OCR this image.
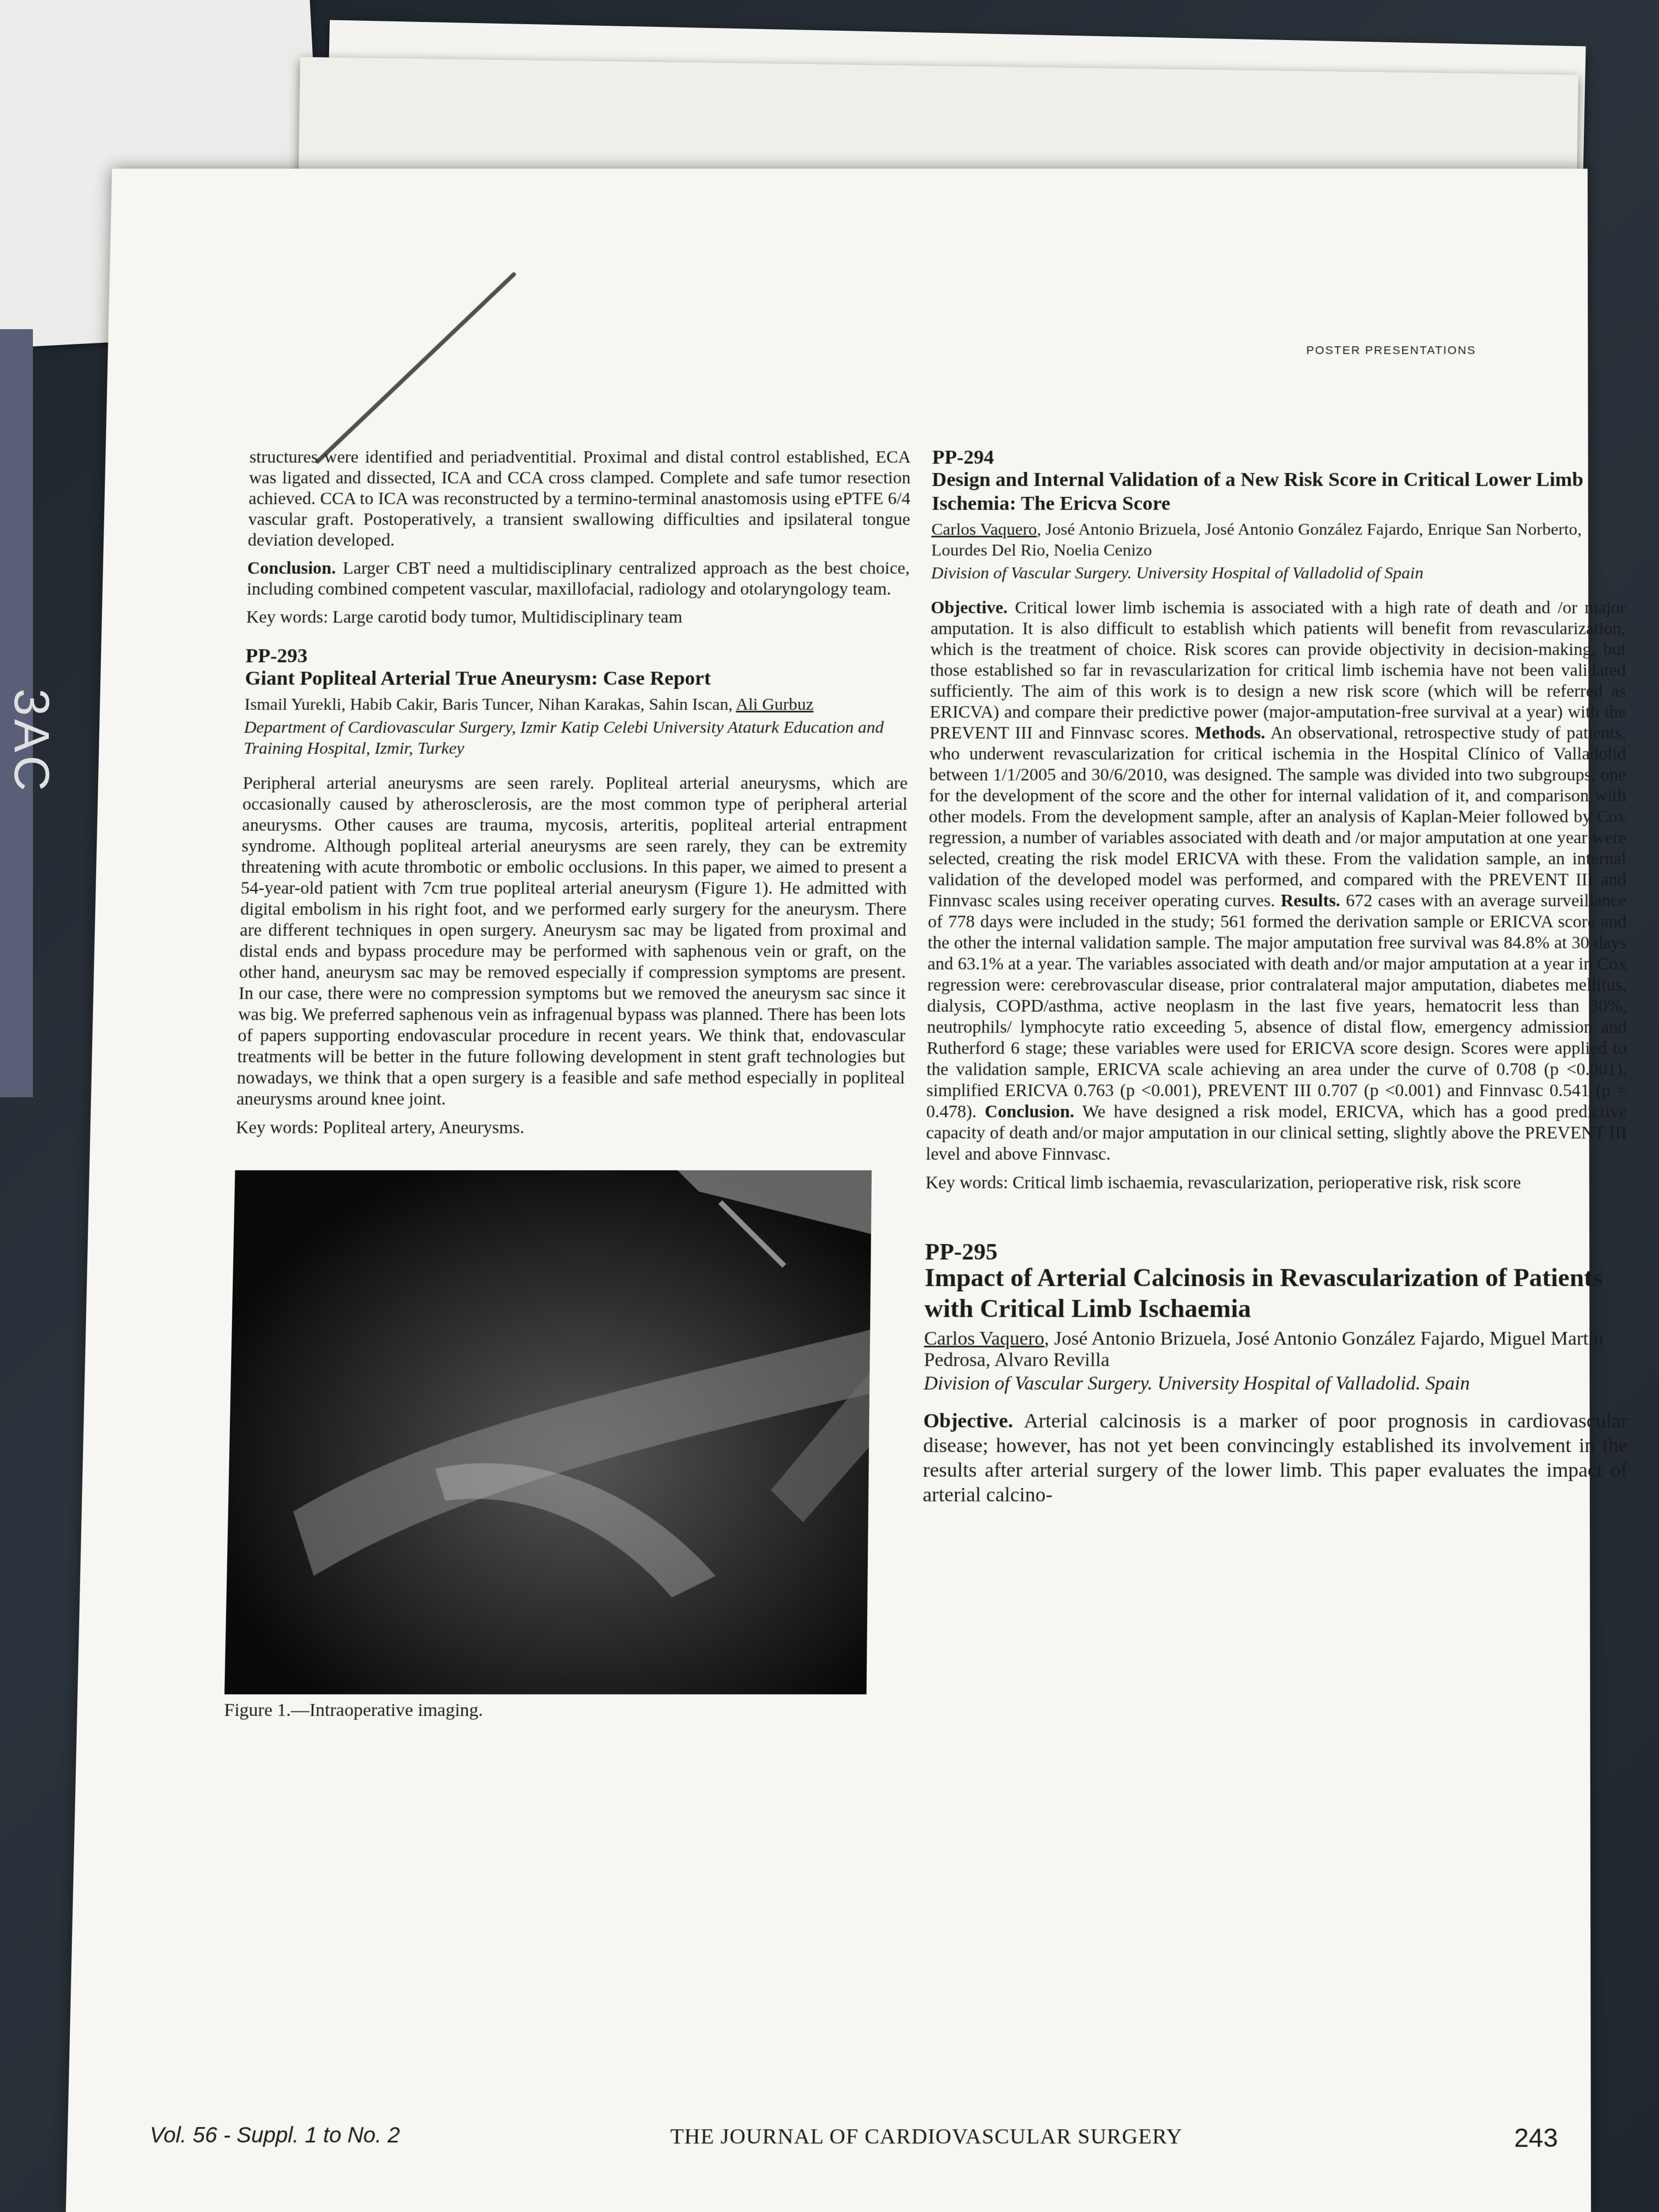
3AC
POSTER PRESENTATIONS

structures were identified and periadventitial. Proximal and distal control established, ECA was ligated and dissected, ICA and CCA cross clamped. Complete and safe tumor resection achieved. CCA to ICA was reconstructed by a termino-terminal anastomosis using ePTFE 6/4 vascular graft. Postoperatively, a transient swallowing difficulties and ipsilateral tongue deviation developed.

Conclusion. Larger CBT need a multidisciplinary centralized approach as the best choice, including combined competent vascular, maxillofacial, radiology and otolaryngology team.

Key words: Large carotid body tumor, Multidisciplinary team

PP-293
Giant Popliteal Arterial True Aneurysm: Case Report
Ismail Yurekli, Habib Cakir, Baris Tuncer, Nihan Karakas, Sahin Iscan, Ali Gurbuz
Department of Cardiovascular Surgery, Izmir Katip Celebi University Ataturk Education and Training Hospital, Izmir, Turkey

Peripheral arterial aneurysms are seen rarely. Popliteal arterial aneurysms, which are occasionally caused by atherosclerosis, are the most common type of peripheral arterial aneurysms. Other causes are trauma, mycosis, arteritis, popliteal arterial entrapment syndrome. Although popliteal arterial aneurysms are seen rarely, they can be extremity threatening with acute thrombotic or embolic occlusions. In this paper, we aimed to present a 54-year-old patient with 7cm true popliteal arterial aneurysm (Figure 1). He admitted with digital embolism in his right foot, and we performed early surgery for the aneurysm. There are different techniques in open surgery. Aneurysm sac may be ligated from proximal and distal ends and bypass procedure may be performed with saphenous vein or graft, on the other hand, aneurysm sac may be removed especially if compression symptoms are present. In our case, there were no compression symptoms but we removed the aneurysm sac since it was big. We preferred saphenous vein as infragenual bypass was planned. There has been lots of papers supporting endovascular procedure in recent years. We think that, endovascular treatments will be better in the future following development in stent graft technologies but nowadays, we think that a open surgery is a feasible and safe method especially in popliteal aneurysms around knee joint.

Key words: Popliteal artery, Aneurysms.

Figure 1.—Intraoperative imaging.
PP-294
Design and Internal Validation of a New Risk Score in Critical Lower Limb Ischemia: The Ericva Score
Carlos Vaquero, José Antonio Brizuela, José Antonio González Fajardo, Enrique San Norberto, Lourdes Del Rio, Noelia Cenizo
Division of Vascular Surgery. University Hospital of Valladolid of Spain

Objective. Critical lower limb ischemia is associated with a high rate of death and /or major amputation. It is also difficult to establish which patients will benefit from revascularization, which is the treatment of choice. Risk scores can provide objectivity in decision-making, but those established so far in revascularization for critical limb ischemia have not been validated sufficiently. The aim of this work is to design a new risk score (which will be referred as ERICVA) and compare their predictive power (major-amputation-free survival at a year) with the PREVENT III and Finnvasc scores. Methods. An observational, retrospective study of patients, who underwent revascularization for critical ischemia in the Hospital Clínico of Valladolid between 1/1/2005 and 30/6/2010, was designed. The sample was divided into two subgroups, one for the development of the score and the other for internal validation of it, and comparison with other models. From the development sample, after an analysis of Kaplan-Meier followed by Cox regression, a number of variables associated with death and /or major amputation at one year were selected, creating the risk model ERICVA with these. From the validation sample, an internal validation of the developed model was performed, and compared with the PREVENT III and Finnvasc scales using receiver operating curves. Results. 672 cases with an average surveillance of 778 days were included in the study; 561 formed the derivation sample or ERICVA score and the other the internal validation sample. The major amputation free survival was 84.8% at 30 days and 63.1% at a year. The variables associated with death and/or major amputation at a year in Cox regression were: cerebrovascular disease, prior contralateral major amputation, diabetes mellitus, dialysis, COPD/asthma, active neoplasm in the last five years, hematocrit less than 30%, neutrophils/ lymphocyte ratio exceeding 5, absence of distal flow, emergency admission and Rutherford 6 stage; these variables were used for ERICVA score design. Scores were applied to the validation sample, ERICVA scale achieving an area under the curve of 0.708 (p <0.001), simplified ERICVA 0.763 (p <0.001), PREVENT III 0.707 (p <0.001) and Finnvasc 0.541 (p = 0.478). Conclusion. We have designed a risk model, ERICVA, which has a good predictive capacity of death and/or major amputation in our clinical setting, slightly above the PREVENT III level and above Finnvasc.

Key words: Critical limb ischaemia, revascularization, perioperative risk, risk score

PP-295
Impact of Arterial Calcinosis in Revascularization of Patients with Critical Limb Ischaemia
Carlos Vaquero, José Antonio Brizuela, José Antonio González Fajardo, Miguel Martín Pedrosa, Alvaro Revilla
Division of Vascular Surgery. University Hospital of Valladolid. Spain

Objective. Arterial calcinosis is a marker of poor prognosis in cardiovascular disease; however, has not yet been convincingly established its involvement in the results after arterial surgery of the lower limb. This paper evaluates the impact of arterial calcino-

Vol. 56 - Suppl. 1 to No. 2	THE JOURNAL OF CARDIOVASCULAR SURGERY	243
